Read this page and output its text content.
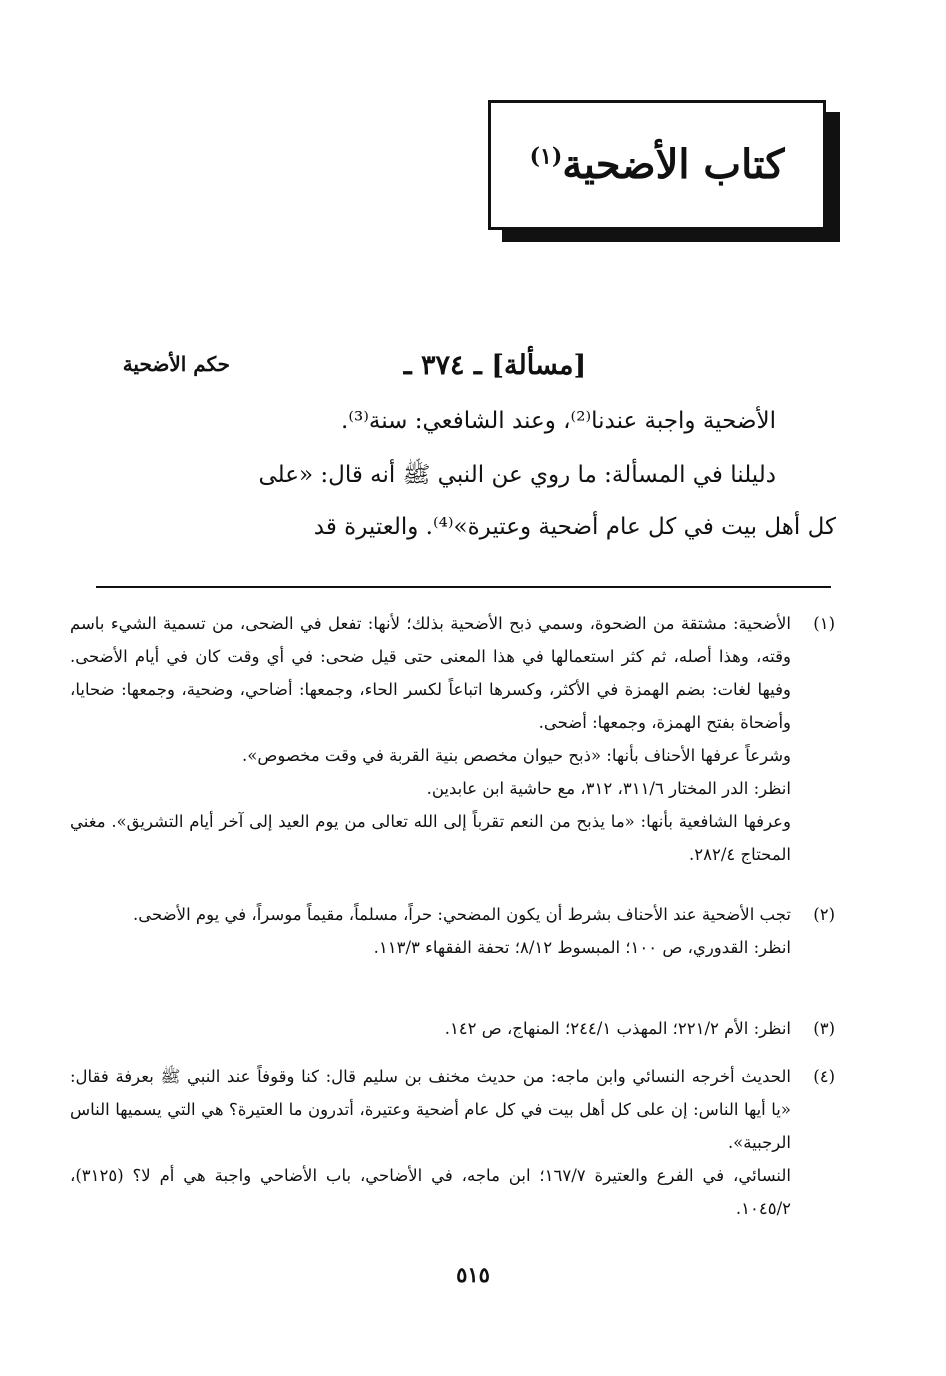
كتاب الأضحية$^{(١)}$
[مسألة] ـ ٣٧٤ ـ
حكم الأضحية
الأضحية واجبة عندنا⁽²⁾، وعند الشافعي: سنة⁽³⁾.
دليلنا في المسألة: ما روي عن النبي ﷺ أنه قال: «على
كل أهل بيت في كل عام أضحية وعتيرة»⁽⁴⁾. والعتيرة قد
(١)

الأضحية: مشتقة من الضحوة، وسمي ذبح الأضحية بذلك؛ لأنها: تفعل في الضحى، من تسمية الشيء باسم وقته، وهذا أصله، ثم كثر استعمالها في هذا المعنى حتى قيل ضحى: في أي وقت كان في أيام الأضحى. وفيها لغات: بضم الهمزة في الأكثر، وكسرها اتباعاً لكسر الحاء، وجمعها: أضاحي، وضحية، وجمعها: ضحايا، وأضحاة بفتح الهمزة، وجمعها: أضحى.

وشرعاً عرفها الأحناف بأنها: «ذبح حيوان مخصص بنية القربة في وقت مخصوص».

انظر: الدر المختار ٣١١/٦، ٣١٢، مع حاشية ابن عابدين.

وعرفها الشافعية بأنها: «ما يذبح من النعم تقرباً إلى الله تعالى من يوم العيد إلى آخر أيام التشريق». مغني المحتاج ٢٨٢/٤.

(٢)

تجب الأضحية عند الأحناف بشرط أن يكون المضحي: حراً، مسلماً، مقيماً موسراً، في يوم الأضحى.

انظر: القدوري، ص ١٠٠؛ المبسوط ٨/١٢؛ تحفة الفقهاء ١١٣/٣.

(٣)

انظر: الأم ٢٢١/٢؛ المهذب ٢٤٤/١؛ المنهاج، ص ١٤٢.

(٤)

الحديث أخرجه النسائي وابن ماجه: من حديث مخنف بن سليم قال: كنا وقوفاً عند النبي ﷺ بعرفة فقال: «يا أيها الناس: إن على كل أهل بيت في كل عام أضحية وعتيرة، أتدرون ما العتيرة؟ هي التي يسميها الناس الرجبية».

النسائي، في الفرع والعتيرة ١٦٧/٧؛ ابن ماجه، في الأضاحي، باب الأضاحي واجبة هي أم لا؟ (٣١٢٥)، ١٠٤٥/٢.

٥١٥
